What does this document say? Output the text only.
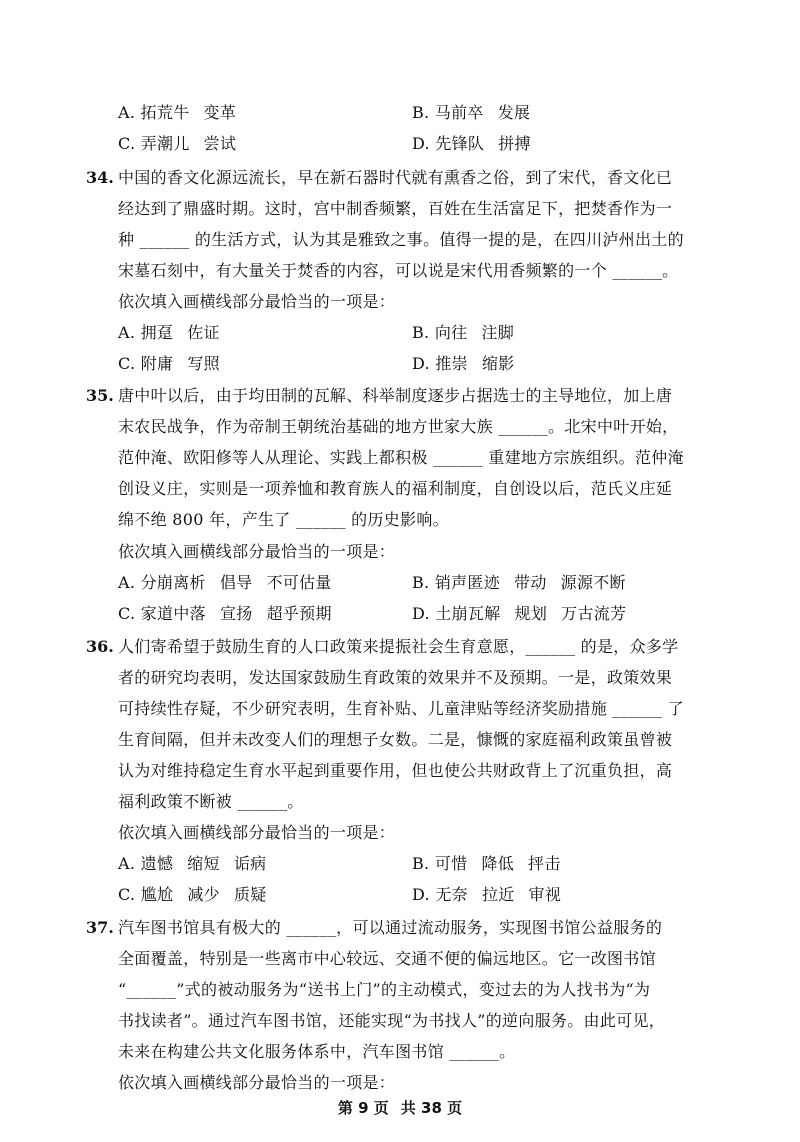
A. 拓荒牛 变革	B. 马前卒 发展
C. 弄潮儿 尝试	D. 先锋队 拼搏
34. 中国的香文化源远流长，早在新石器时代就有熏香之俗，到了宋代，香文化已
经达到了鼎盛时期。这时，宫中制香频繁，百姓在生活富足下，把焚香作为一
种 ______ 的生活方式，认为其是雅致之事。值得一提的是，在四川泸州出土的
宋墓石刻中，有大量关于焚香的内容，可以说是宋代用香频繁的一个 ______。
依次填入画横线部分最恰当的一项是：
A. 拥趸 佐证	B. 向往 注脚
C. 附庸 写照	D. 推崇 缩影
35. 唐中叶以后，由于均田制的瓦解、科举制度逐步占据选士的主导地位，加上唐
末农民战争，作为帝制王朝统治基础的地方世家大族 ______。北宋中叶开始，
范仲淹、欧阳修等人从理论、实践上都积极 ______ 重建地方宗族组织。范仲淹
创设义庄，实则是一项养恤和教育族人的福利制度，自创设以后，范氏义庄延
绵不绝 800 年，产生了 ______ 的历史影响。
依次填入画横线部分最恰当的一项是：
A. 分崩离析 倡导 不可估量	B. 销声匿迹 带动 源源不断
C. 家道中落 宣扬 超乎预期	D. 土崩瓦解 规划 万古流芳
36. 人们寄希望于鼓励生育的人口政策来提振社会生育意愿，______ 的是，众多学
者的研究均表明，发达国家鼓励生育政策的效果并不及预期。一是，政策效果
可持续性存疑，不少研究表明，生育补贴、儿童津贴等经济奖励措施 ______ 了
生育间隔，但并未改变人们的理想子女数。二是，慷慨的家庭福利政策虽曾被
认为对维持稳定生育水平起到重要作用，但也使公共财政背上了沉重负担，高
福利政策不断被 ______。
依次填入画横线部分最恰当的一项是：
A. 遗憾 缩短 诟病	B. 可惜 降低 抨击
C. 尴尬 减少 质疑	D. 无奈 拉近 审视
37. 汽车图书馆具有极大的 ______，可以通过流动服务，实现图书馆公益服务的
全面覆盖，特别是一些离市中心较远、交通不便的偏远地区。它一改图书馆
“______”式的被动服务为“送书上门”的主动模式，变过去的为人找书为“为
书找读者”。通过汽车图书馆，还能实现“为书找人”的逆向服务。由此可见，
未来在构建公共文化服务体系中，汽车图书馆 ______。
依次填入画横线部分最恰当的一项是：
第 9 页 共 38 页
